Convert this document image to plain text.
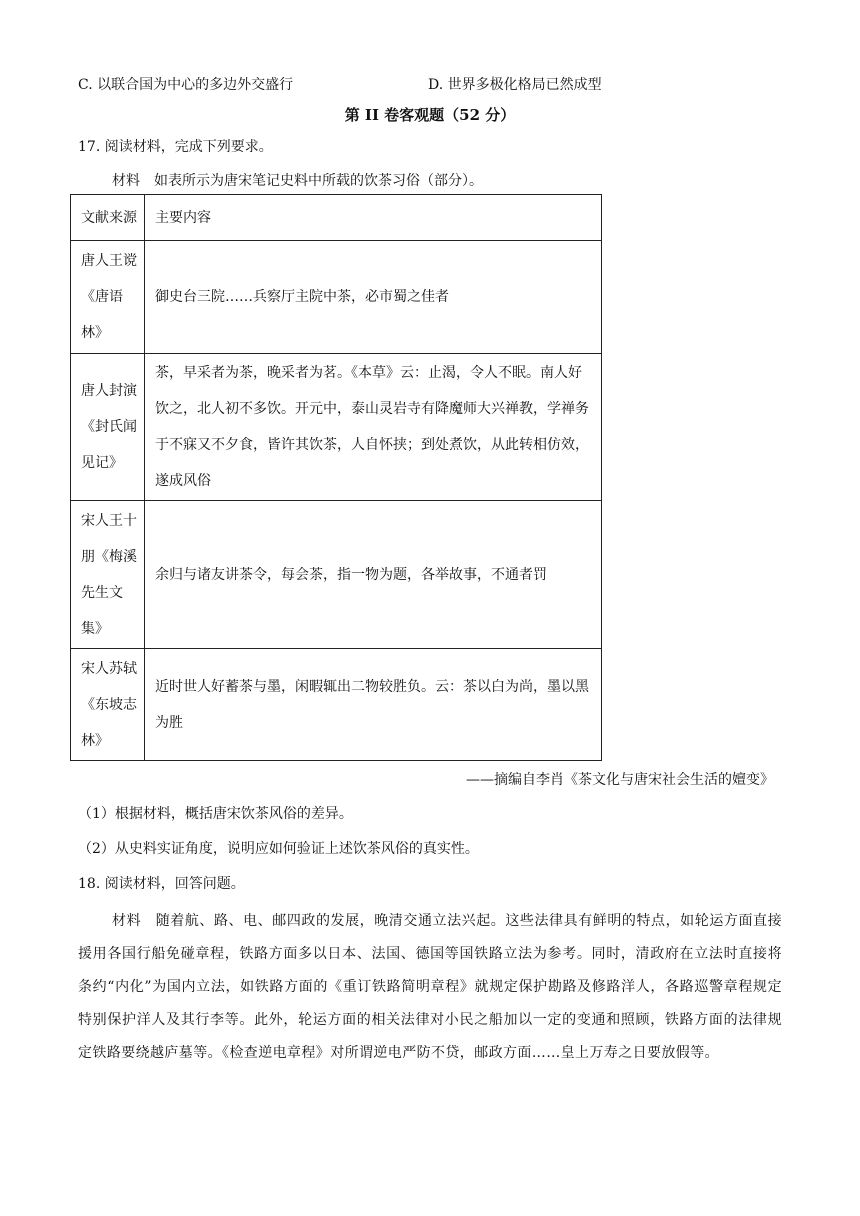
C. 以联合国为中心的多边外交盛行	D. 世界多极化格局已然成型
第 II 卷客观题（52 分）
17. 阅读材料，完成下列要求。
材料　如表所示为唐宋笔记史料中所载的饮茶习俗（部分）。
文献来源	主要内容

唐人王谠《唐语林》	御史台三院……兵察厅主院中茶，必市蜀之佳者

唐人封演《封氏闻见记》	茶，早采者为茶，晚采者为茗。《本草》云：止渴，令人不眠。南人好饮之，北人初不多饮。开元中，泰山灵岩寺有降魔师大兴禅教，学禅务于不寐又不夕食，皆许其饮茶，人自怀挟；到处煮饮，从此转相仿效，遂成风俗

宋人王十朋《梅溪先生文集》	余归与诸友讲茶令，每会茶，指一物为题，各举故事，不通者罚

宋人苏轼《东坡志林》	近时世人好蓄茶与墨，闲暇辄出二物较胜负。云：茶以白为尚，墨以黑为胜
——摘编自李肖《茶文化与唐宋社会生活的嬗变》
（1）根据材料，概括唐宋饮茶风俗的差异。
（2）从史料实证角度，说明应如何验证上述饮茶风俗的真实性。
18. 阅读材料，回答问题。
材料　随着航、路、电、邮四政的发展，晚清交通立法兴起。这些法律具有鲜明的特点，如轮运方面直接援用各国行船免碰章程，铁路方面多以日本、法国、德国等国铁路立法为参考。同时，清政府在立法时直接将条约“内化”为国内立法，如铁路方面的《重订铁路简明章程》就规定保护勘路及修路洋人，各路巡警章程规定特别保护洋人及其行李等。此外，轮运方面的相关法律对小民之船加以一定的变通和照顾，铁路方面的法律规定铁路要绕越庐墓等。《检查逆电章程》对所谓逆电严防不贷，邮政方面……皇上万寿之日要放假等。
